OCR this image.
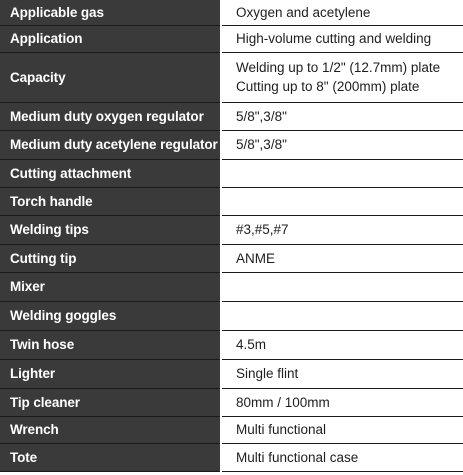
Applicable gas	Oxygen and acetylene

Application	High-volume cutting and welding

Capacity	Welding up to 1/2" (12.7mm) plate
Cutting up to 8" (200mm) plate

Medium duty oxygen regulator	5/8",3/8"

Medium duty acetylene regulator	5/8",3/8"

Cutting attachment	

Torch handle	

Welding tips	#3,#5,#7

Cutting tip	ANME

Mixer	

Welding goggles	

Twin hose	4.5m

Lighter	Single flint

Tip cleaner	80mm / 100mm

Wrench	Multi functional

Tote	Multi functional case
